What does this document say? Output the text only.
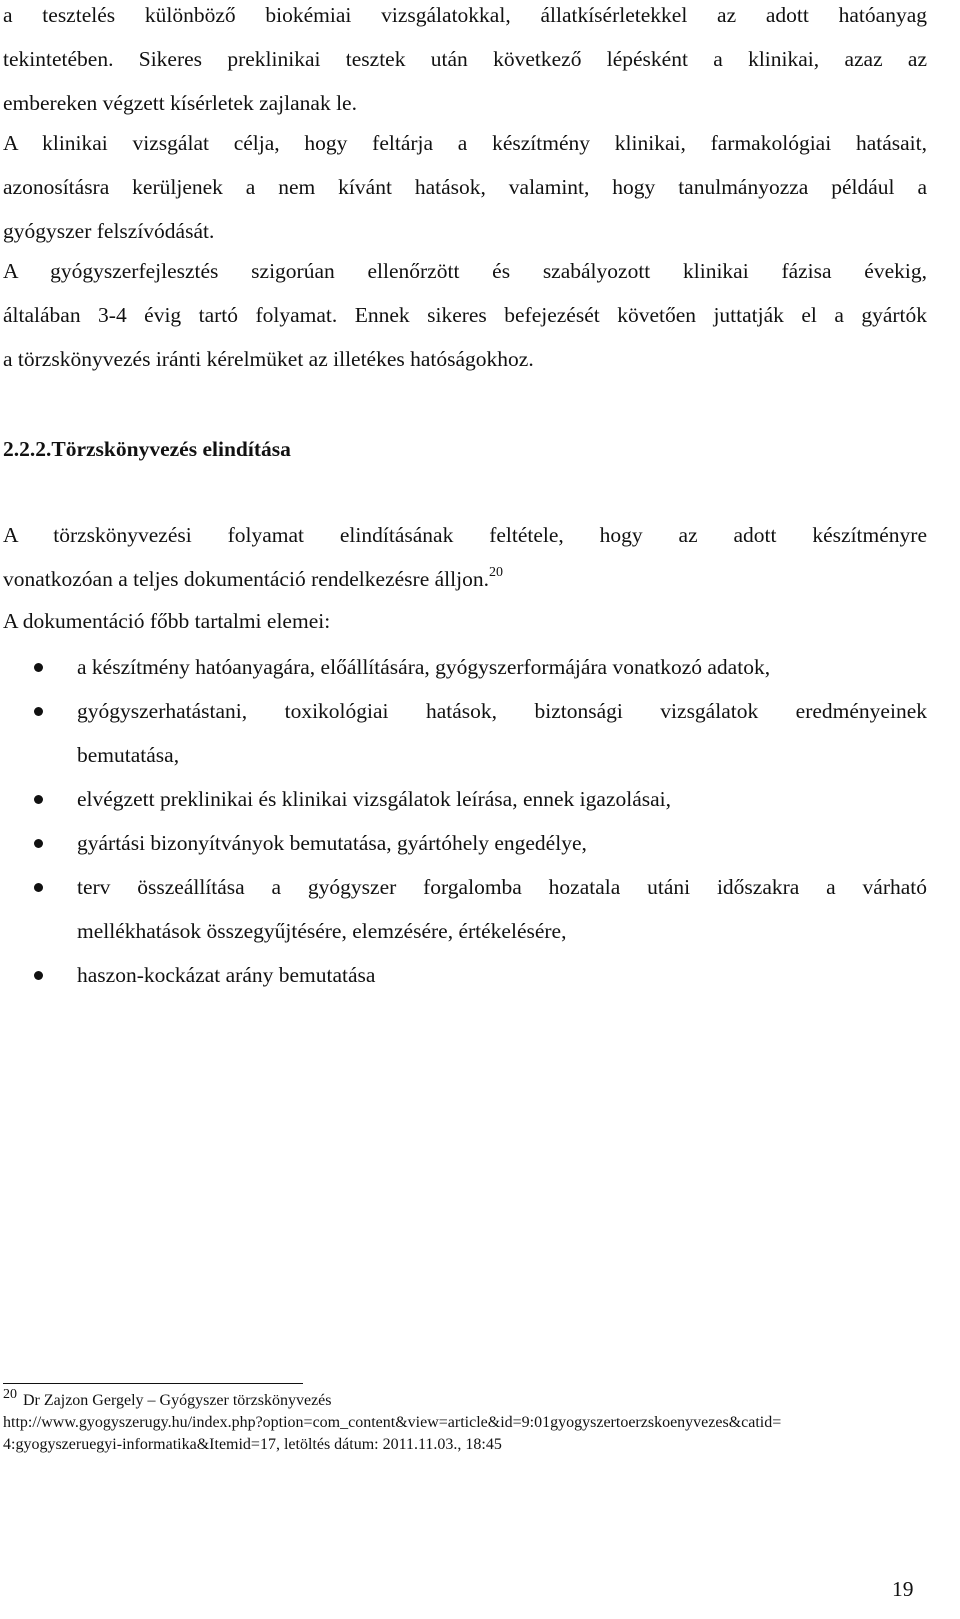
a tesztelés különböző biokémiai vizsgálatokkal, állatkísérletekkel az adott hatóanyag
tekintetében. Sikeres preklinikai tesztek után következő lépésként a klinikai, azaz az
embereken végzett kísérletek zajlanak le.

A klinikai vizsgálat célja, hogy feltárja a készítmény klinikai, farmakológiai hatásait,
azonosításra kerüljenek a nem kívánt hatások, valamint, hogy tanulmányozza például a
gyógyszer felszívódását.

A gyógyszerfejlesztés szigorúan ellenőrzött és szabályozott klinikai fázisa évekig,
általában 3-4 évig tartó folyamat. Ennek sikeres befejezését követően juttatják el a gyártók
a törzskönyvezés iránti kérelmüket az illetékes hatóságokhoz.

2.2.2.Törzskönyvezés elindítása

A törzskönyvezési folyamat elindításának feltétele, hogy az adott készítményre
vonatkozóan a teljes dokumentáció rendelkezésre álljon.$^{20}$

A dokumentáció főbb tartalmi elemei:

a készítmény hatóanyagára, előállítására, gyógyszerformájára vonatkozó adatok,
gyógyszerhatástani, toxikológiai hatások, biztonsági vizsgálatok eredményeinek
bemutatása,
elvégzett preklinikai és klinikai vizsgálatok leírása, ennek igazolásai,
gyártási bizonyítványok bemutatása, gyártóhely engedélye,
terv összeállítása a gyógyszer forgalomba hozatala utáni időszakra a várható
mellékhatások összegyűjtésére, elemzésére, értékelésére,
haszon-kockázat arány bemutatása
20 Dr Zajzon Gergely – Gyógyszer törzskönyvezés
http://www.gyogyszerugy.hu/index.php?option=com_content&view=article&id=9:01gyogyszertoerzskoenyvezes&catid=
4:gyogyszeruegyi-informatika&Itemid=17, letöltés dátum: 2011.11.03., 18:45
19
